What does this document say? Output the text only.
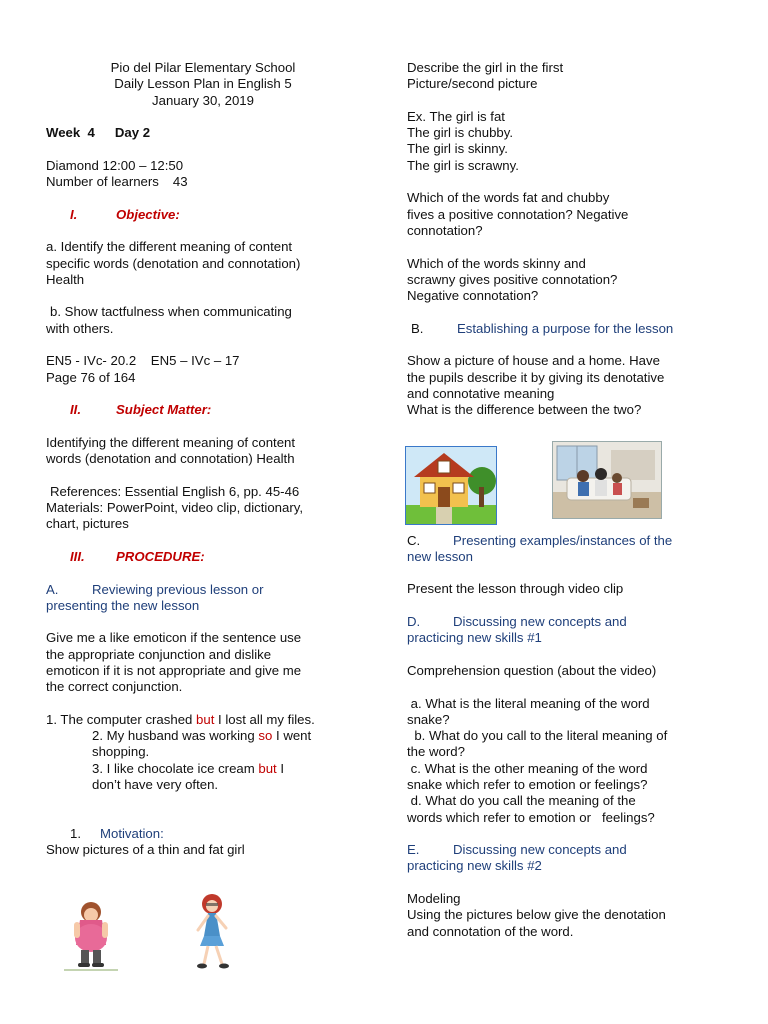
Pio del Pilar Elementary School
Daily Lesson Plan in English 5
January 30, 2019
Week  4 Day 2
Diamond 12:00 – 12:50
Number of learners 43
I.	Objective:
a. Identify the different meaning of content
specific words (denotation and connotation)
Health
b. Show tactfulness when communicating
with others.
EN5 - IVc- 20.2    EN5 – IVc – 17
Page 76 of 164
II.	Subject Matter:
Identifying the different meaning of content
words (denotation and connotation) Health
References: Essential English 6, pp. 45-46
Materials: PowerPoint, video clip, dictionary,
chart, pictures
III. PROCEDURE:
A.	Reviewing previous lesson or
presenting the new lesson
Give me a like emoticon if the sentence use
the appropriate conjunction and dislike
emoticon if it is not appropriate and give me
the correct conjunction.
1. The computer crashed but I lost all my files.
2. My husband was working so I went
shopping.
3. I like chocolate ice cream but I
don’t have very often.
1. Motivation:
Show pictures of a thin and fat girl
Describe the girl in the first
Picture/second picture
Ex. The girl is fat
The girl is chubby.
The girl is skinny.
The girl is scrawny.
Which of the words fat and chubby
fives a positive connotation? Negative
connotation?
Which of the words skinny and
scrawny gives positive connotation?
Negative connotation?
B.	Establishing a purpose for the lesson
Show a picture of house and a home. Have
the pupils describe it by giving its denotative
and connotative meaning
What is the difference between the two?
C. Presenting examples/instances of the
new lesson
Present the lesson through video clip
D. Discussing new concepts and
practicing new skills #1
Comprehension question (about the video)
a. What is the literal meaning of the word
snake?
b. What do you call to the literal meaning of
the word?
c. What is the other meaning of the word
snake which refer to emotion or feelings?
d. What do you call the meaning of the
words which refer to emotion or   feelings?
E.	Discussing new concepts and
practicing new skills #2
Modeling
Using the pictures below give the denotation
and connotation of the word.
